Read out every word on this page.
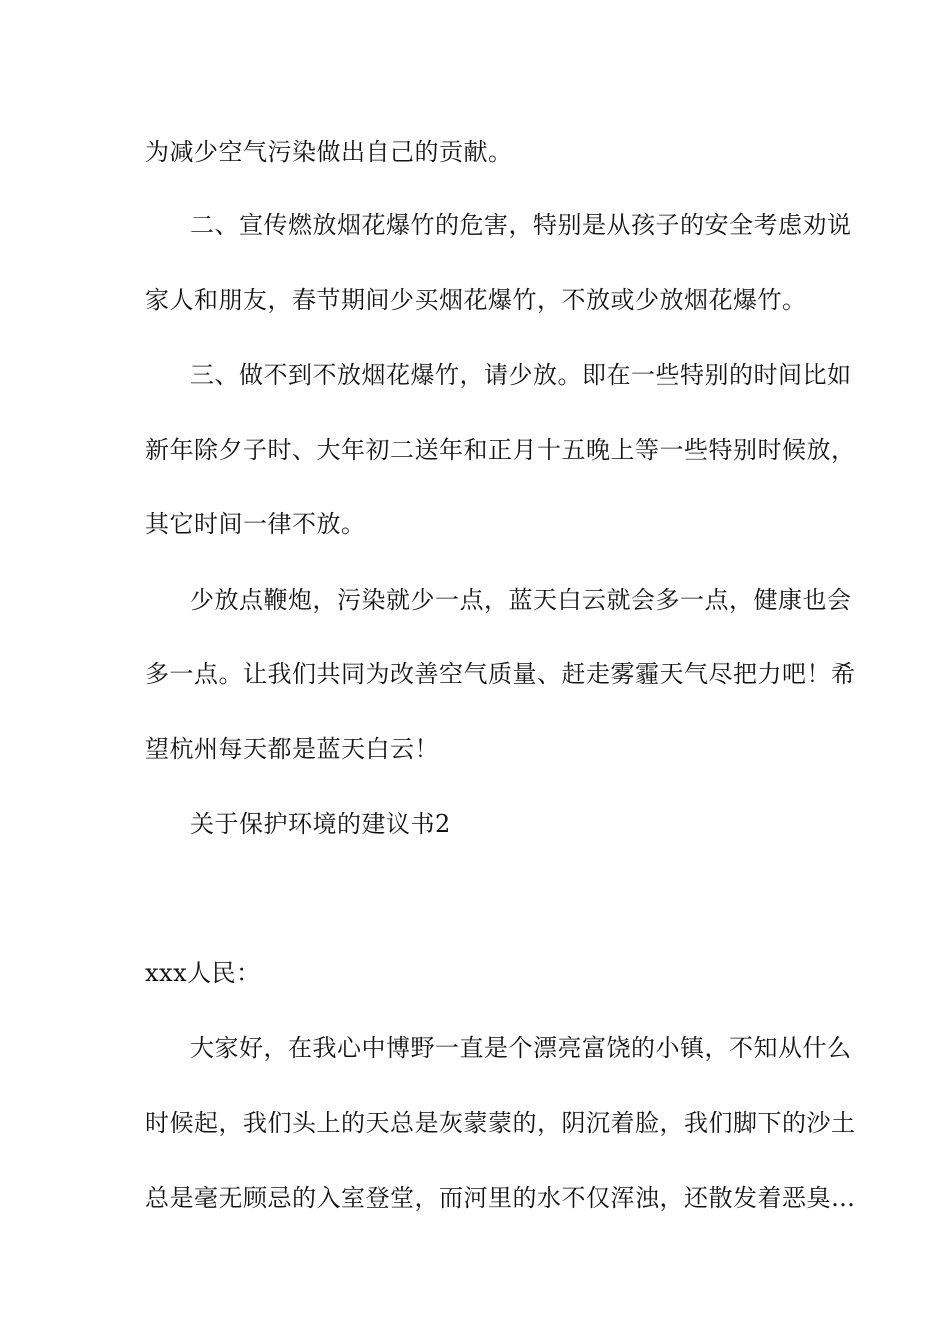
为减少空气污染做出自己的贡献。
二、宣传燃放烟花爆竹的危害，特别是从孩子的安全考虑劝说
家人和朋友，春节期间少买烟花爆竹，不放或少放烟花爆竹。
三、做不到不放烟花爆竹，请少放。即在一些特别的时间比如
新年除夕子时、大年初二送年和正月十五晚上等一些特别时候放，
其它时间一律不放。
少放点鞭炮，污染就少一点，蓝天白云就会多一点，健康也会
多一点。让我们共同为改善空气质量、赶走雾霾天气尽把力吧！希
望杭州每天都是蓝天白云！
关于保护环境的建议书2
xxx人民：
大家好，在我心中博野一直是个漂亮富饶的小镇，不知从什么
时候起，我们头上的天总是灰蒙蒙的，阴沉着脸，我们脚下的沙土
总是毫无顾忌的入室登堂，而河里的水不仅浑浊，还散发着恶臭…
